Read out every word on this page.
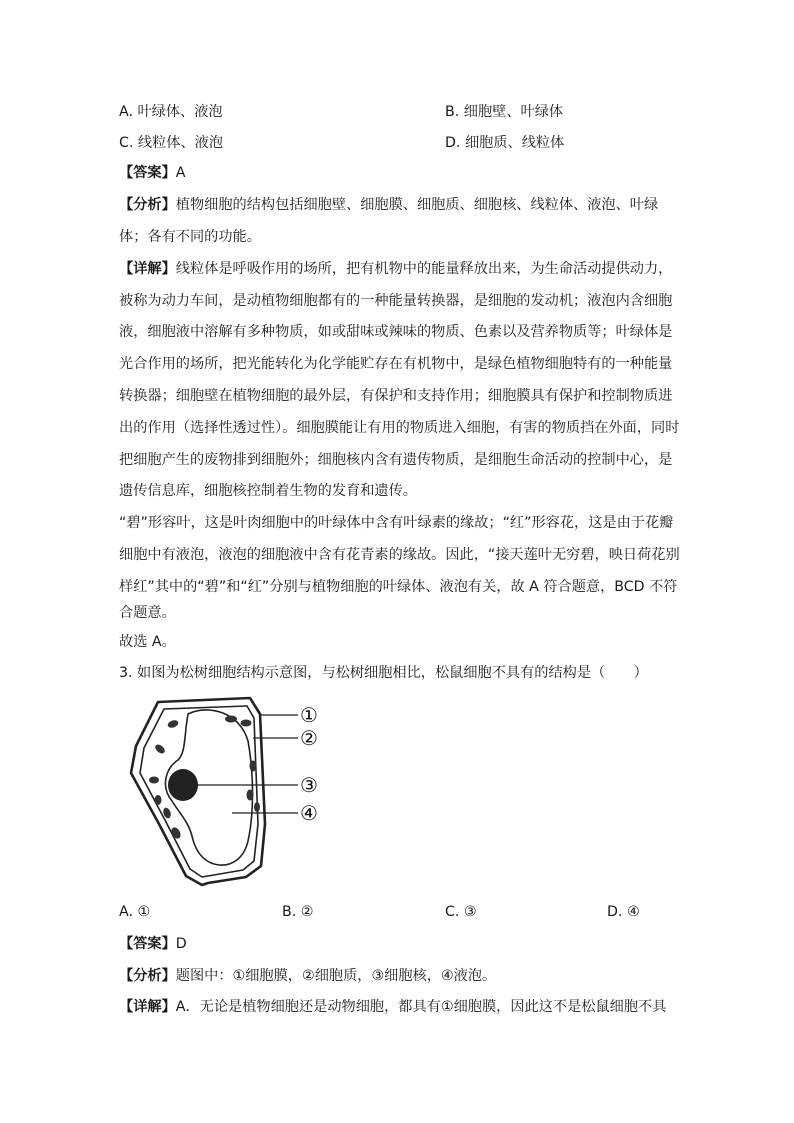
A. 叶绿体、液泡	B. 细胞壁、叶绿体
C. 线粒体、液泡	D. 细胞质、线粒体
【答案】A
【分析】植物细胞的结构包括细胞壁、细胞膜、细胞质、细胞核、线粒体、液泡、叶绿
体；各有不同的功能。
【详解】线粒体是呼吸作用的场所，把有机物中的能量释放出来，为生命活动提供动力，
被称为动力车间，是动植物细胞都有的一种能量转换器，是细胞的发动机；液泡内含细胞
液，细胞液中溶解有多种物质，如或甜味或辣味的物质、色素以及营养物质等；叶绿体是
光合作用的场所，把光能转化为化学能贮存在有机物中，是绿色植物细胞特有的一种能量
转换器；细胞壁在植物细胞的最外层，有保护和支持作用；细胞膜具有保护和控制物质进
出的作用（选择性透过性）。细胞膜能让有用的物质进入细胞，有害的物质挡在外面，同时
把细胞产生的废物排到细胞外；细胞核内含有遗传物质，是细胞生命活动的控制中心，是
遗传信息库，细胞核控制着生物的发育和遗传。
“碧”形容叶，这是叶肉细胞中的叶绿体中含有叶绿素的缘故；“红”形容花，这是由于花瓣
细胞中有液泡，液泡的细胞液中含有花青素的缘故。因此，“接天莲叶无穷碧，映日荷花别
样红”其中的“碧”和“红”分别与植物细胞的叶绿体、液泡有关，故 A 符合题意，BCD 不符
合题意。
故选 A。
3. 如图为松树细胞结构示意图，与松树细胞相比，松鼠细胞不具有的结构是（　　）
①
②
③
④
A. ①	B. ②	C. ③	D. ④
【答案】D
【分析】题图中：①细胞膜，②细胞质，③细胞核，④液泡。
【详解】A．无论是植物细胞还是动物细胞，都具有①细胞膜，因此这不是松鼠细胞不具
